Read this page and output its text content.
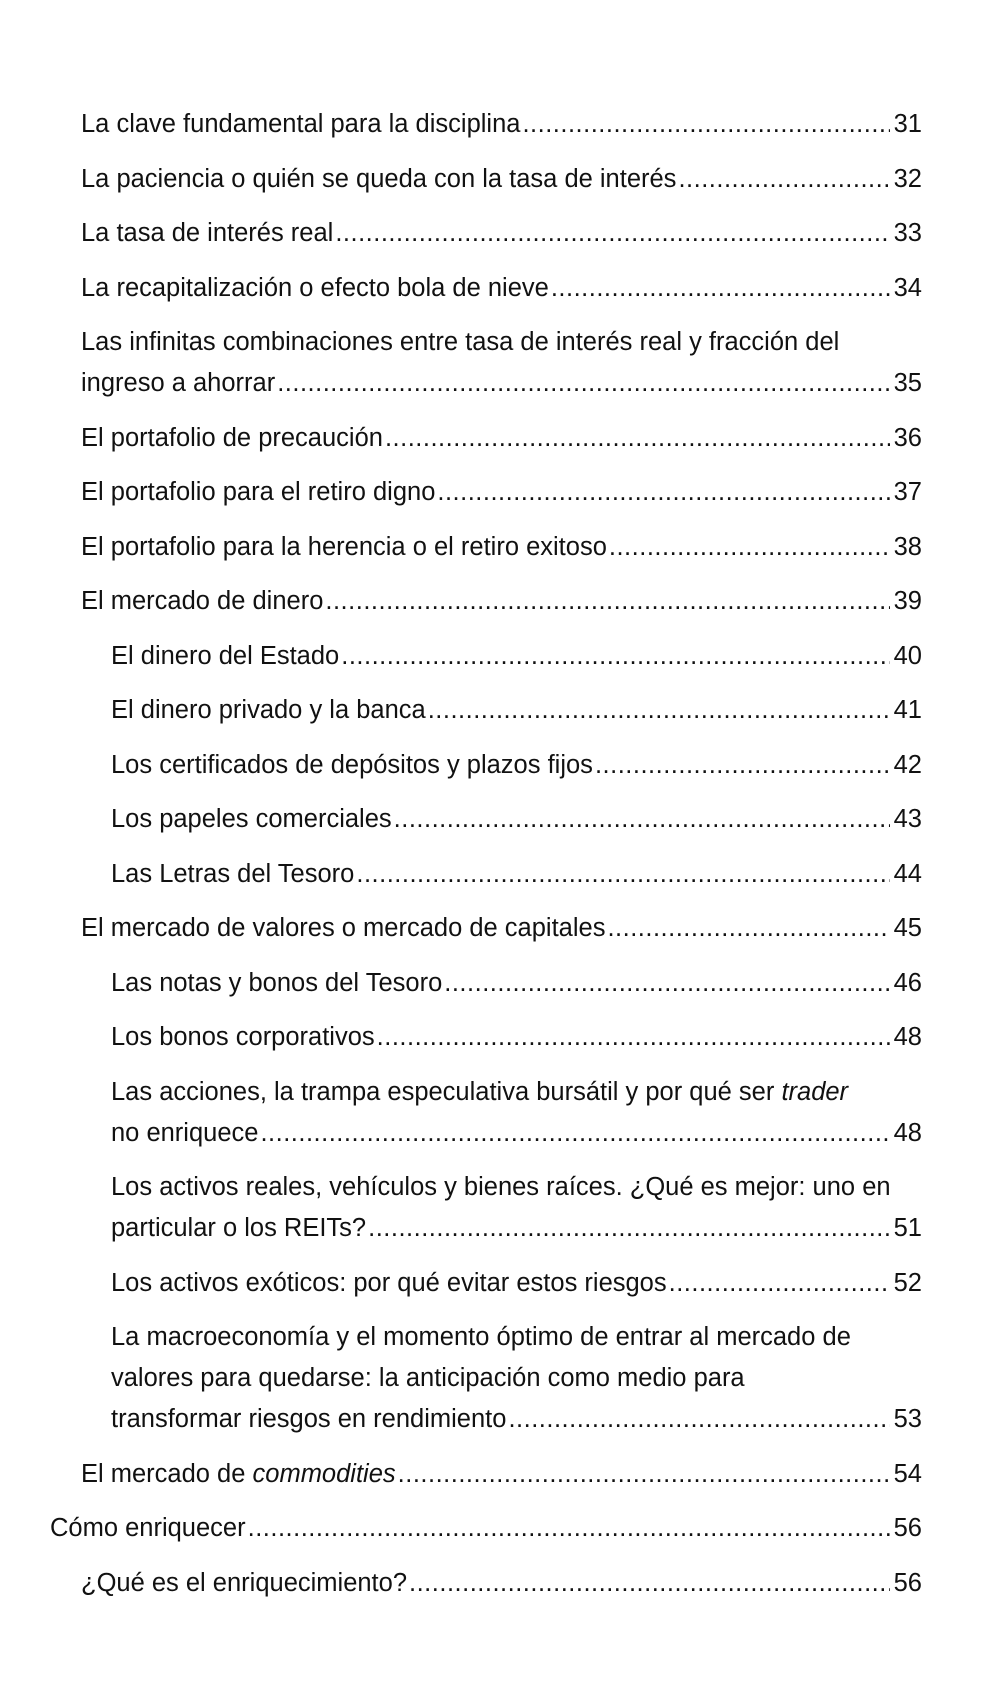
La clave fundamental para la disciplina .....	31
La paciencia o quién se queda con la tasa de interés .....	32
La tasa de interés real .....	33
La recapitalización o efecto bola de nieve .....	34
Las infinitas combinaciones entre tasa de interés real y fracción del
ingreso a ahorrar .....	35
El portafolio de precaución .....	36
El portafolio para el retiro digno .....	37
El portafolio para la herencia o el retiro exitoso .....	38
El mercado de dinero .....	39
El dinero del Estado .....	40
El dinero privado y la banca .....	41
Los certificados de depósitos y plazos fijos .....	42
Los papeles comerciales .....	43
Las Letras del Tesoro .....	44
El mercado de valores o mercado de capitales .....	45
Las notas y bonos del Tesoro .....	46
Los bonos corporativos .....	48
Las acciones, la trampa especulativa bursátil y por qué ser trader
no enriquece .....	48
Los activos reales, vehículos y bienes raíces. ¿Qué es mejor: uno en
particular o los REITs? .....	51
Los activos exóticos: por qué evitar estos riesgos .....	52
La macroeconomía y el momento óptimo de entrar al mercado de
valores para quedarse: la anticipación como medio para
transformar riesgos en rendimiento .....	53
El mercado de commodities .....	54
Cómo enriquecer .....	56
¿Qué es el enriquecimiento? .....	56
